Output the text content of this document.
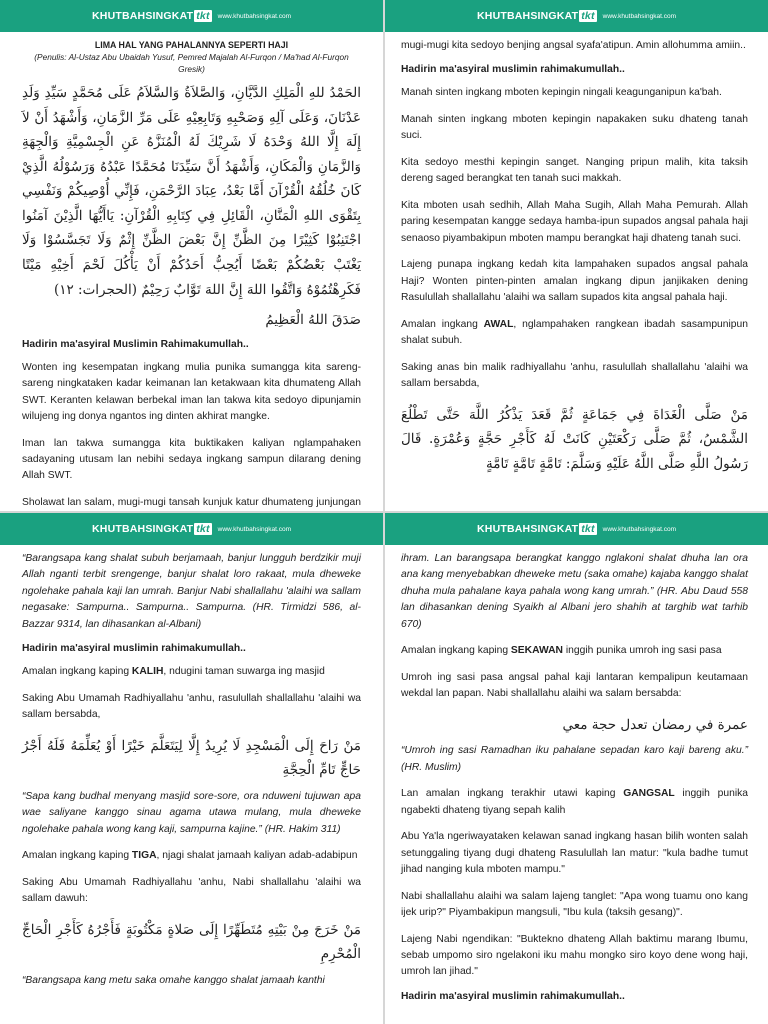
KHUTBAHSINGKAT tkt	www.khutbahsingkat.com
LIMA HAL YANG PAHALANNYA SEPERTI HAJI
(Penulis: Al-Ustaz Abu Ubaidah Yusuf, Pemred Majalah Al-Furqon / Ma'had Al-Furqon Gresik)
الحَمْدُ للهِ الْمَلِكِ الدَّيَّانِ، وَالصَّلاَةُ وَالسَّلاَمُ عَلَى مُحَمَّدٍ سَيِّدِ وَلَدِ عَدْنَانَ، وَعَلَى آلِهِ وَصَحْبِهِ وَتَابِعِيْهِ عَلَى مَرِّ الزَّمَانِ، وَأَشْهَدُ أَنْ لاَ إِلَهَ إِلَّا اللهُ وَحْدَهُ لَا شَرِيْكَ لَهُ الْمُنَزَّهُ عَنِ الْجِسْمِيَّةِ وَالْجِهَةِ وَالزَّمَانِ وَالْمَكَانِ، وَأَشْهَدُ أَنَّ سَيِّدَنَا مُحَمَّدًا عَبْدُهُ وَرَسُوْلُهُ الَّذِيْ كَانَ خُلُقُهُ الْقُرْآنَ أَمَّا بَعْدُ، عِبَادَ الرَّحْمَنِ، فَإِنِّي أُوْصِيكُمْ وَنَفْسِي بِتَقْوَى اللهِ الْمَنَّانِ، الْقَائِلِ فِي كِتَابِهِ الْقُرْآنِ: يَاأَيُّهَا الَّذِيْنَ آمَنُوا اجْتَنِبُوْا كَثِيْرًا مِنَ الظَّنِّ إِنَّ بَعْضَ الظَّنِّ إِثْمٌ وَلَا تَجَسَّسُوْا وَلَا يَغْتَبْ بَعْضُكُمْ بَعْضًا أَيُحِبُّ أَحَدُكُمْ أَنْ يَأْكُلَ لَحْمَ أَخِيْهِ مَيْتًا فَكَرِهْتُمُوْهُ وَاتَّقُوا اللهَ إِنَّ اللهَ تَوَّابٌ رَحِيْمٌ (الحجرات: ١٢)
صَدَقَ اللهُ الْعَظِيمُ
Hadirin ma'asyiral Muslimin Rahimakumullah..

Wonten ing kesempatan ingkang mulia punika sumangga kita sareng-sareng ningkataken kadar keimanan lan ketakwaan kita dhumateng Allah SWT. Keranten kelawan berbekal iman lan takwa kita sedoyo dipunjamin wilujeng ing donya ngantos ing dinten akhirat mangke.

Iman lan takwa sumangga kita buktikaken kaliyan nglampahaken sadayaning utusam lan nebihi sedaya ingkang sampun dilarang dening Allah SWT.

Sholawat lan salam, mugi-mugi tansah kunjuk katur dhumateng junjungan

KHUTBAHSINGKAT tkt	www.khutbahsingkat.com

mugi-mugi kita sedoyo benjing angsal syafa'atipun. Amin allohumma amiin..

Hadirin ma'asyiral muslimin rahimakumullah..

Manah sinten ingkang mboten kepingin ningali keagunganipun ka'bah.

Manah sinten ingkang mboten kepingin napakaken suku dhateng tanah suci.

Kita sedoyo mesthi kepingin sanget. Nanging pripun malih, kita taksih dereng saged berangkat ten tanah suci makkah.

Kita mboten usah sedhih, Allah Maha Sugih, Allah Maha Pemurah. Allah paring kesempatan kangge sedaya hamba-ipun supados angsal pahala haji senaoso piyambakipun mboten mampu berangkat haji dhateng tanah suci.

Lajeng punapa ingkang kedah kita lampahaken supados angsal pahala Haji? Wonten pinten-pinten amalan ingkang dipun janjikaken dening Rasulullah shallallahu 'alaihi wa sallam supados kita angsal pahala haji.

Amalan ingkang AWAL, nglampahaken rangkean ibadah sasampunipun shalat subuh.

Saking anas bin malik radhiyallahu 'anhu, rasulullah shallallahu 'alaihi wa sallam bersabda,

مَنْ صَلَّى الْغَدَاةَ فِي جَمَاعَةٍ ثُمَّ قَعَدَ يَذْكُرُ اللَّهَ حَتَّى تَطْلُعَ الشَّمْسُ، ثُمَّ صَلَّى رَكْعَتَيْنِ كَانَتْ لَهُ كَأَجْرِ حَجَّةٍ وَعُمْرَةٍ. قَالَ رَسُولُ اللَّهِ صَلَّى اللَّهُ عَلَيْهِ وَسَلَّمَ: تَامَّةٍ تَامَّةٍ تَامَّةٍ
KHUTBAHSINGKAT tkt	www.khutbahsingkat.com

“Barangsapa kang shalat subuh berjamaah, banjur lungguh berdzikir muji Allah nganti terbit srengenge, banjur shalat loro rakaat, mula dheweke ngolehake pahala kaji lan umrah. Banjur Nabi shallallahu 'alaihi wa sallam negasake: Sampurna.. Sampurna.. Sampurna. (HR. Tirmidzi 586, al-Bazzar 9314, lan dihasankan al-Albani)

Hadirin ma'asyiral muslimin rahimakumullah..

Amalan ingkang kaping KALIH, ndugini taman suwarga ing masjid

Saking Abu Umamah Radhiyallahu 'anhu, rasulullah shallallahu 'alaihi wa sallam bersabda,

مَنْ رَاحَ إِلَى الْمَسْجِدِ لَا يُرِيدُ إِلَّا لِيَتَعَلَّمَ خَيْرًا أَوْ يُعَلِّمَهُ فَلَهُ أَجْرُ حَاجٍّ تَامِّ الْحِجَّةِ

“Sapa kang budhal menyang masjid sore-sore, ora nduweni tujuwan apa wae saliyane kanggo sinau agama utawa mulang, mula dheweke ngolehake pahala wong kang kaji, sampurna kajine.” (HR. Hakim 311)

Amalan ingkang kaping TIGA, njagi shalat jamaah kaliyan adab-adabipun

Saking Abu Umamah Radhiyallahu 'anhu, Nabi shallallahu 'alaihi wa sallam dawuh:

مَنْ خَرَجَ مِنْ بَيْتِهِ مُتَطَهِّرًا إِلَى صَلاةٍ مَكْتُوبَةٍ فَأَجْرُهُ كَأَجْرِ الْحَاجِّ الْمُحْرِمِ

“Barangsapa kang metu saka omahe kanggo shalat jamaah kanthi

KHUTBAHSINGKAT tkt	www.khutbahsingkat.com

ihram. Lan barangsapa berangkat kanggo nglakoni shalat dhuha lan ora ana kang menyebabkan dheweke metu (saka omahe) kajaba kanggo shalat dhuha mula pahalane kaya pahala wong kang umrah.” (HR. Abu Daud 558 lan dihasankan dening Syaikh al Albani jero shahih at targhib wat tarhib 670)

Amalan ingkang kaping SEKAWAN inggih punika umroh ing sasi pasa

Umroh ing sasi pasa angsal pahal kaji lantaran kempalipun keutamaan wekdal lan papan. Nabi shallallahu alaihi wa salam bersabda:

عمرة في رمضان تعدل حجة معي

“Umroh ing sasi Ramadhan iku pahalane sepadan karo kaji bareng aku.” (HR. Muslim)

Lan amalan ingkang terakhir utawi kaping GANGSAL inggih punika ngabekti dhateng tiyang sepah kalih

Abu Ya'la ngeriwayataken kelawan sanad ingkang hasan bilih wonten salah setunggaling tiyang dugi dhateng Rasulullah lan matur: "kula badhe tumut jihad nanging kula mboten mampu."

Nabi shallallahu alaihi wa salam lajeng tanglet: "Apa wong tuamu ono kang ijek urip?" Piyambakipun mangsuli, "Ibu kula (taksih gesang)".

Lajeng Nabi ngendikan: "Buktekno dhateng Allah baktimu marang Ibumu, sebab umpomo siro ngelakoni iku mahu mongko siro koyo dene wong haji, umroh lan jihad."

Hadirin ma'asyiral muslimin rahimakumullah..
